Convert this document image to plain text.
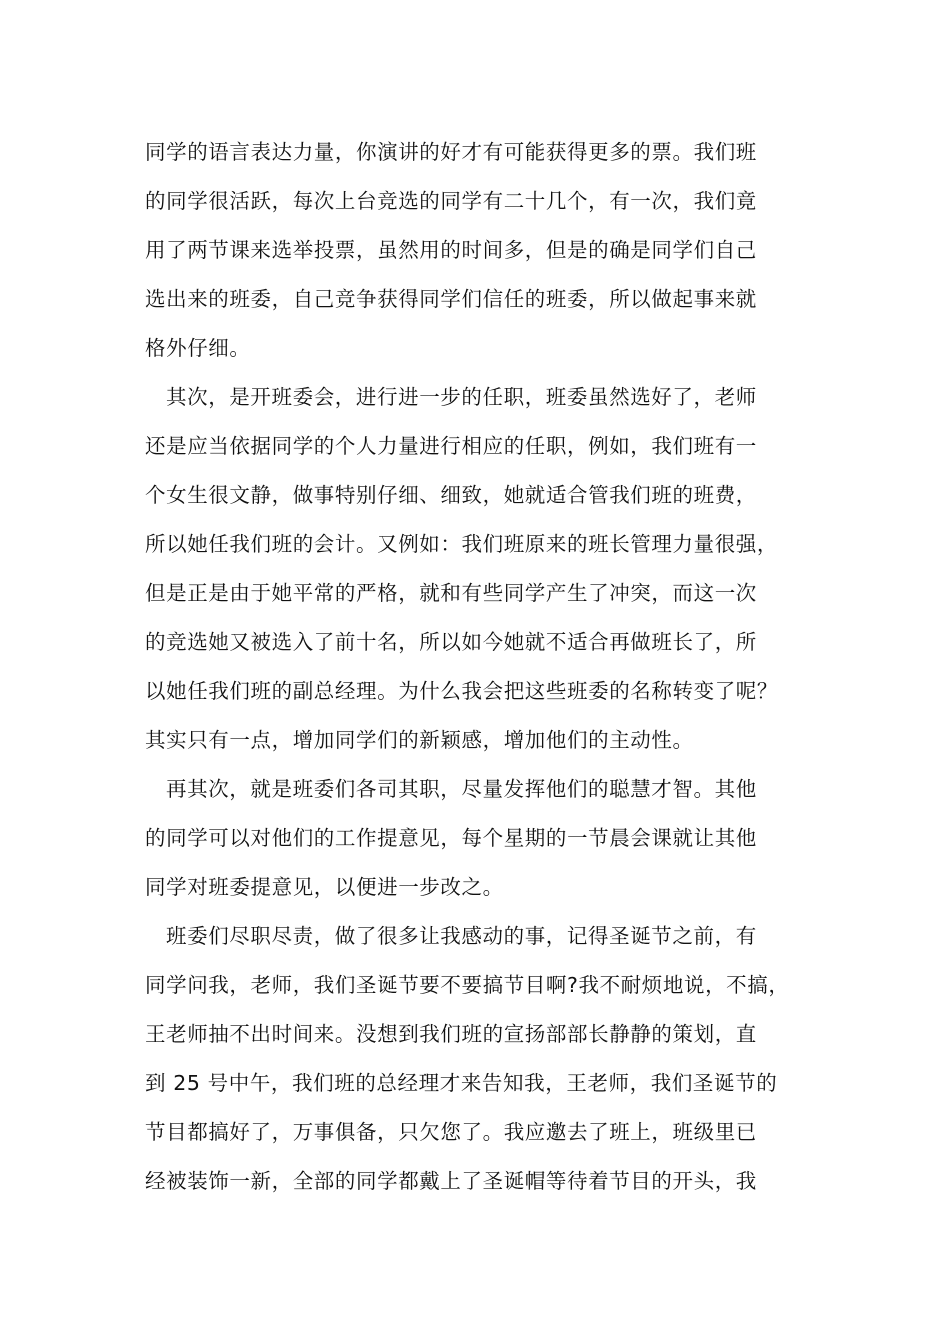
同学的语言表达力量，你演讲的好才有可能获得更多的票。我们班
的同学很活跃，每次上台竞选的同学有二十几个，有一次，我们竟
用了两节课来选举投票，虽然用的时间多，但是的确是同学们自己
选出来的班委，自己竞争获得同学们信任的班委，所以做起事来就
格外仔细。
其次，是开班委会，进行进一步的任职，班委虽然选好了，老师
还是应当依据同学的个人力量进行相应的任职，例如，我们班有一
个女生很文静，做事特别仔细、细致，她就适合管我们班的班费，
所以她任我们班的会计。又例如：我们班原来的班长管理力量很强，
但是正是由于她平常的严格，就和有些同学产生了冲突，而这一次
的竞选她又被选入了前十名，所以如今她就不适合再做班长了，所
以她任我们班的副总经理。为什么我会把这些班委的名称转变了呢？
其实只有一点，增加同学们的新颖感，增加他们的主动性。
再其次，就是班委们各司其职，尽量发挥他们的聪慧才智。其他
的同学可以对他们的工作提意见，每个星期的一节晨会课就让其他
同学对班委提意见，以便进一步改之。
班委们尽职尽责，做了很多让我感动的事，记得圣诞节之前，有
同学问我，老师，我们圣诞节要不要搞节目啊?我不耐烦地说，不搞，
王老师抽不出时间来。没想到我们班的宣扬部部长静静的策划，直
到 25 号中午，我们班的总经理才来告知我，王老师，我们圣诞节的
节目都搞好了，万事俱备，只欠您了。我应邀去了班上，班级里已
经被装饰一新，全部的同学都戴上了圣诞帽等待着节目的开头，我
